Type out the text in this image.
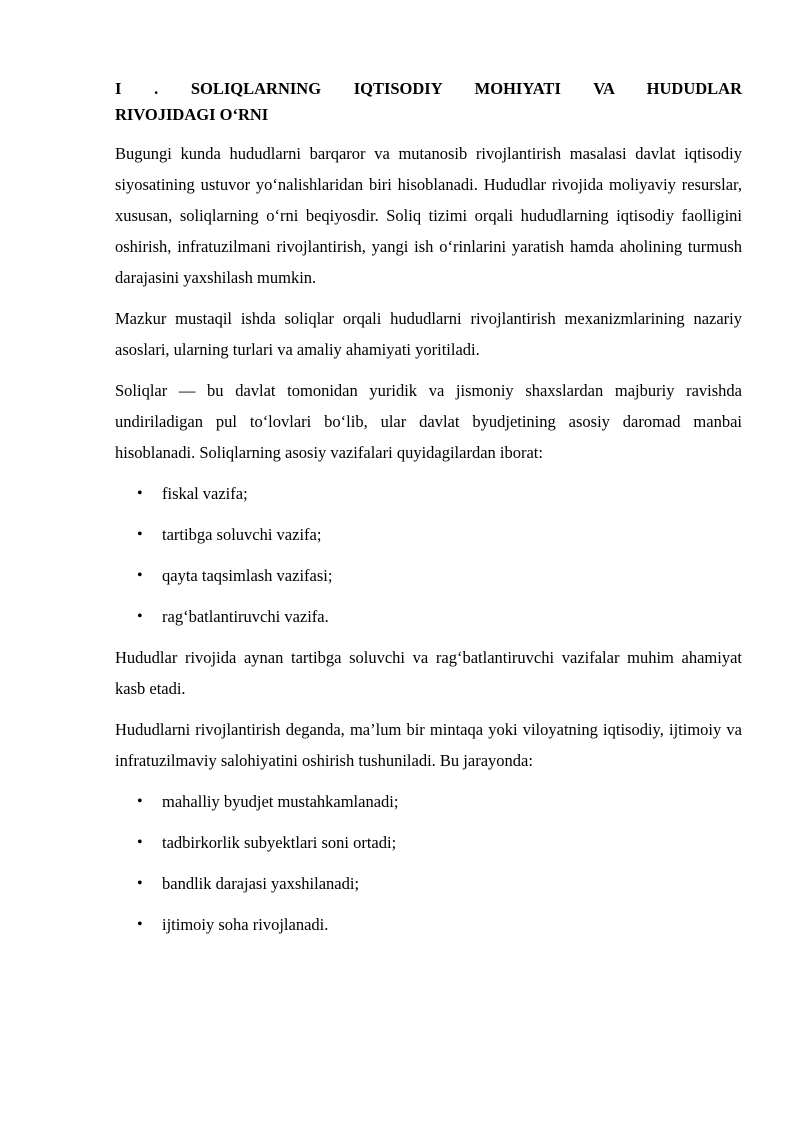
I . SOLIQLARNING IQTISODIY MOHIYATI VA HUDUDLAR
RIVOJIDAGI O‘RNI

Bugungi kunda hududlarni barqaror va mutanosib rivojlantirish masalasi davlat iqtisodiy siyosatining ustuvor yo‘nalishlaridan biri hisoblanadi. Hududlar rivojida moliyaviy resurslar, xususan, soliqlarning o‘rni beqiyosdir. Soliq tizimi orqali hududlarning iqtisodiy faolligini oshirish, infratuzilmani rivojlantirish, yangi ish o‘rinlarini yaratish hamda aholining turmush darajasini yaxshilash mumkin.

Mazkur mustaqil ishda soliqlar orqali hududlarni rivojlantirish mexanizmlarining nazariy asoslari, ularning turlari va amaliy ahamiyati yoritiladi.

Soliqlar — bu davlat tomonidan yuridik va jismoniy shaxslardan majburiy ravishda undiriladigan pul to‘lovlari bo‘lib, ular davlat byudjetining asosiy daromad manbai hisoblanadi. Soliqlarning asosiy vazifalari quyidagilardan iborat:

• fiskal vazifa;
• tartibga soluvchi vazifa;
• qayta taqsimlash vazifasi;
• rag‘batlantiruvchi vazifa.

Hududlar rivojida aynan tartibga soluvchi va rag‘batlantiruvchi vazifalar muhim ahamiyat kasb etadi.

Hududlarni rivojlantirish deganda, ma’lum bir mintaqa yoki viloyatning iqtisodiy, ijtimoiy va infratuzilmaviy salohiyatini oshirish tushuniladi. Bu jarayonda:

• mahalliy byudjet mustahkamlanadi;
• tadbirkorlik subyektlari soni ortadi;
• bandlik darajasi yaxshilanadi;
• ijtimoiy soha rivojlanadi.
